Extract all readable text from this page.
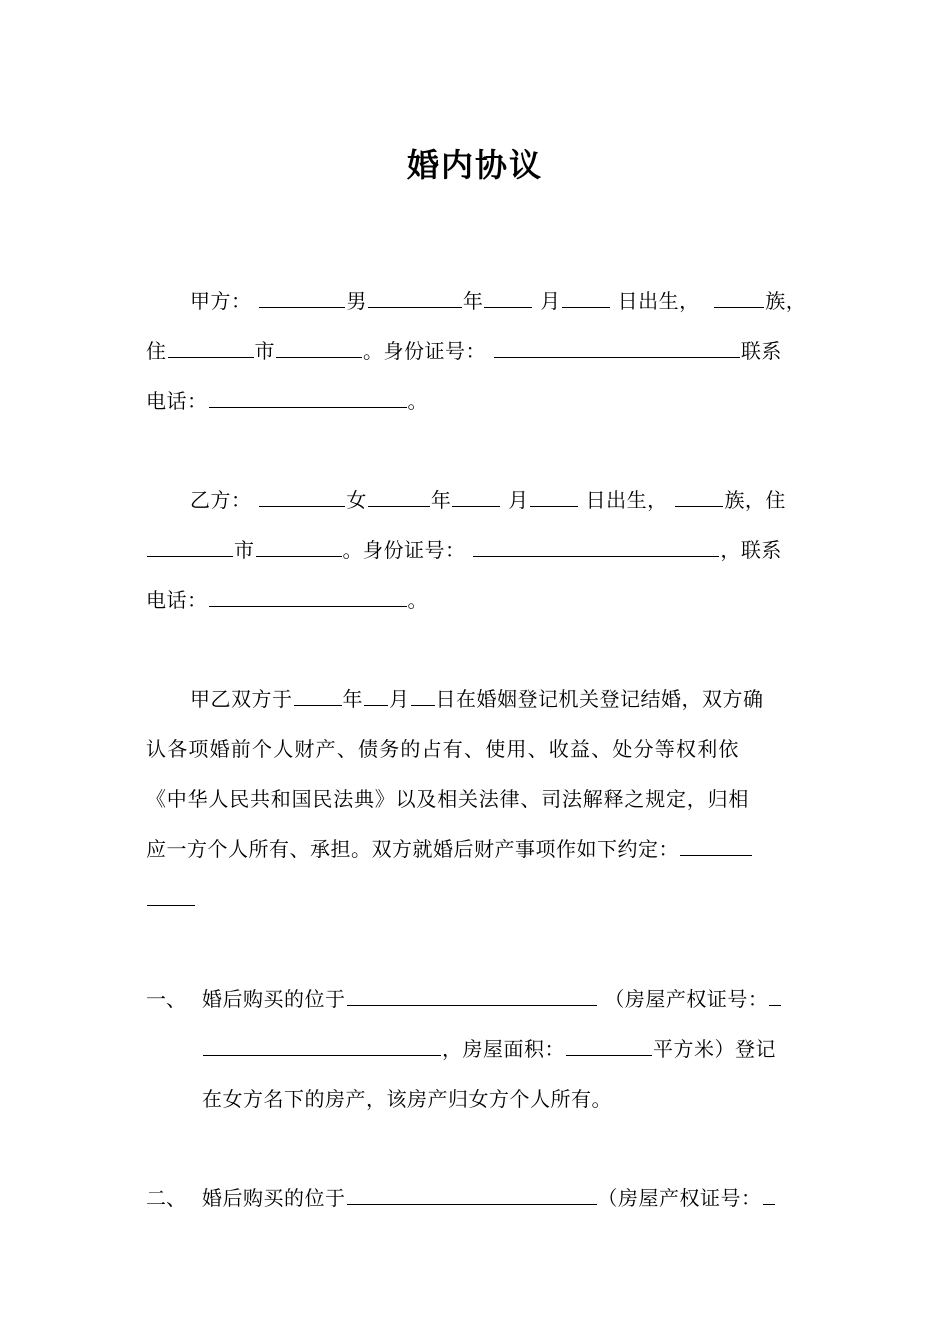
婚内协议
甲方：	男	年	月	日出生，	族，
住	市	。身份证号：	联系
电话：	。
乙方：	女	年	月	日出生，	族，住
市	。身份证号：	，联系
电话：	。
甲乙双方于	年 月 日在婚姻登记机关登记结婚，双方确
认各项婚前个人财产、债务的占有、使用、收益、处分等权利依
《中华人民共和国民法典》以及相关法律、司法解释之规定，归相
应一方个人所有、承担。双方就婚后财产事项作如下约定：
一、 婚后购买的位于	（房屋产权证号：
，房屋面积：	平方米）登记
在女方名下的房产，该房产归女方个人所有。
二、 婚后购买的位于	（房屋产权证号：
